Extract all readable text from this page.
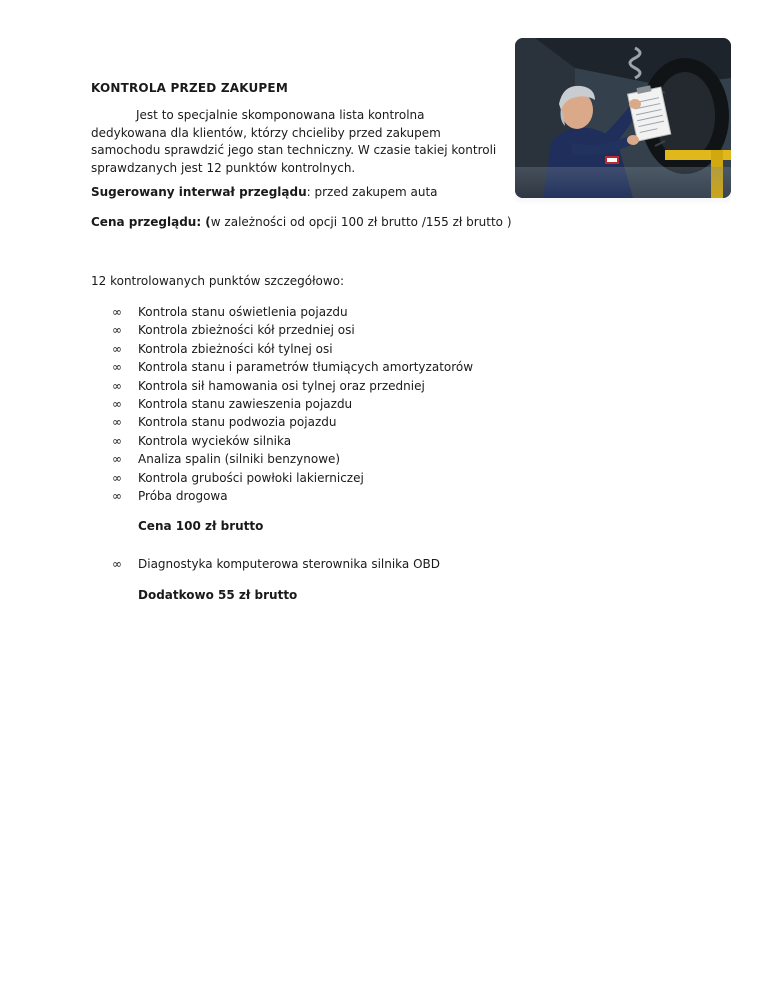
KONTROLA PRZED ZAKUPEM

Jest to specjalnie skomponowana lista kontrolna dedykowana dla klientów, którzy chcieliby przed zakupem samochodu sprawdzić jego stan techniczny. W czasie takiej kontroli sprawdzanych jest 12 punktów kontrolnych.

Sugerowany interwał przeglądu: przed zakupem auta
Cena przeglądu: (w zależności od opcji 100 zł brutto /155 zł brutto )
12 kontrolowanych punktów szczegółowo:
∞	Kontrola stanu oświetlenia pojazdu
∞	Kontrola zbieżności kół przedniej osi
∞	Kontrola zbieżności kół tylnej osi
∞	Kontrola stanu i parametrów tłumiących amortyzatorów
∞	Kontrola sił hamowania osi tylnej oraz przedniej
∞	Kontrola stanu zawieszenia pojazdu
∞	Kontrola stanu podwozia pojazdu
∞	Kontrola wycieków silnika
∞	Analiza spalin (silniki benzynowe)
∞	Kontrola grubości powłoki lakierniczej
∞	Próba drogowa
Cena 100 zł brutto
∞	Diagnostyka komputerowa sterownika silnika OBD
Dodatkowo 55 zł brutto
